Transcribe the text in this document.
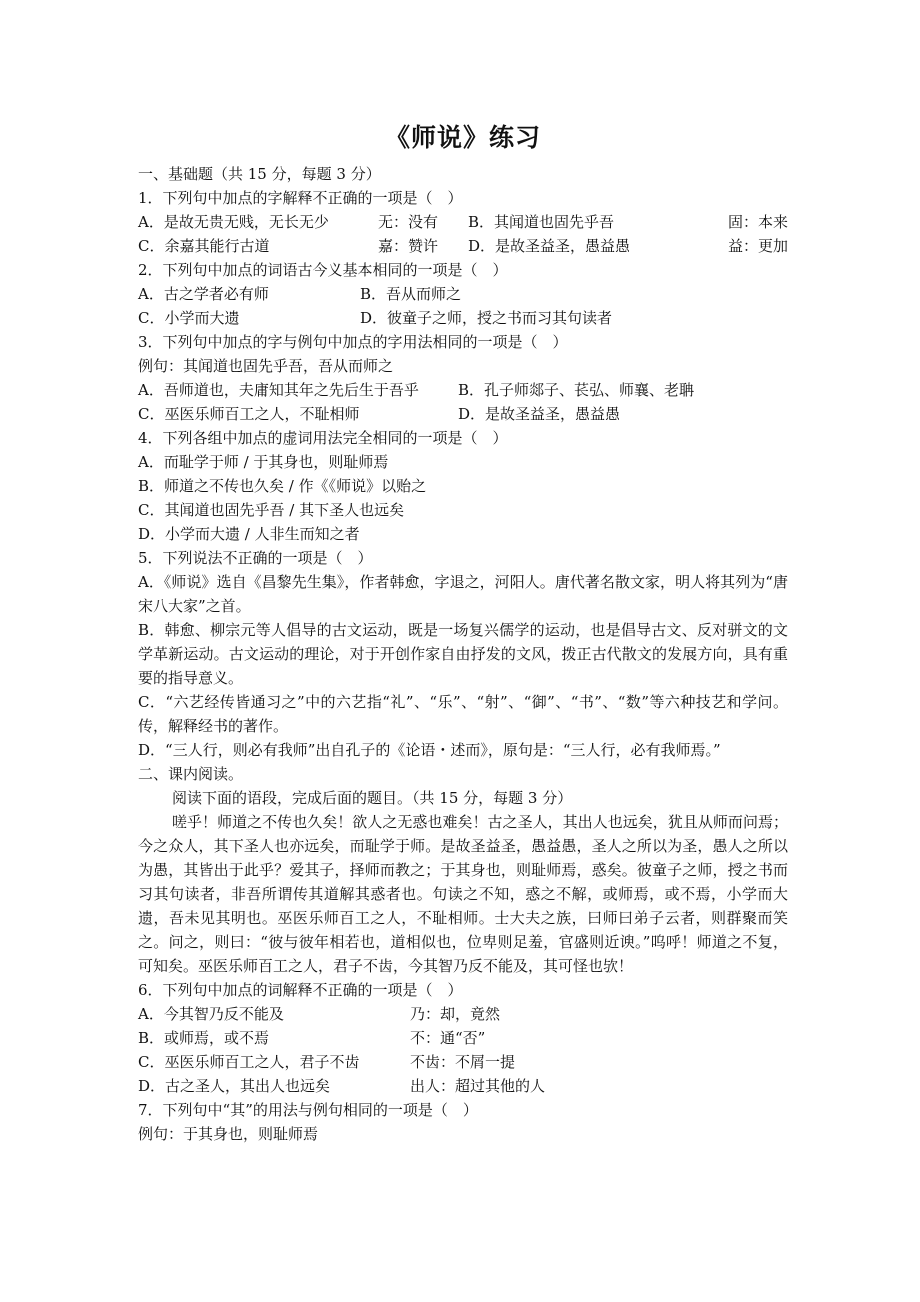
《师说》练习
一、基础题（共 15 分，每题 3 分）
1．下列句中加点的字解释不正确的一项是（　）
A．是故无贵无贱，无长无少	无：没有	B．其闻道也固先乎吾	固：本来
C．余嘉其能行古道	嘉：赞许	D．是故圣益圣，愚益愚	益：更加
2．下列句中加点的词语古今义基本相同的一项是（　）
A．古之学者必有师	B．吾从而师之
C．小学而大遗	D．彼童子之师，授之书而习其句读者
3．下列句中加点的字与例句中加点的字用法相同的一项是（　）
例句：其闻道也固先乎吾，吾从而师之
A．吾师道也，夫庸知其年之先后生于吾乎	B．孔子师郯子、苌弘、师襄、老聃
C．巫医乐师百工之人，不耻相师	D．是故圣益圣，愚益愚
4．下列各组中加点的虚词用法完全相同的一项是（　）
A．而耻学于师 / 于其身也，则耻师焉
B．师道之不传也久矣 / 作《《师说》以贻之
C．其闻道也固先乎吾 / 其下圣人也远矣
D．小学而大遗 / 人非生而知之者
5．下列说法不正确的一项是（　）
A．《师说》选自《昌黎先生集》，作者韩愈，字退之，河阳人。唐代著名散文家，明人将其列为“唐宋八大家”之首。
B．韩愈、柳宗元等人倡导的古文运动，既是一场复兴儒学的运动，也是倡导古文、反对骈文的文学革新运动。古文运动的理论，对于开创作家自由抒发的文风，拨正古代散文的发展方向，具有重要的指导意义。
C．“六艺经传皆通习之”中的六艺指“礼”、“乐”、“射”、“御”、“书”、“数”等六种技艺和学问。传，解释经书的著作。
D．“三人行，则必有我师”出自孔子的《论语・述而》，原句是：“三人行，必有我师焉。”
二、课内阅读。
阅读下面的语段，完成后面的题目。（共 15 分，每题 3 分）
嗟乎！师道之不传也久矣！欲人之无惑也难矣！古之圣人，其出人也远矣，犹且从师而问焉；今之众人，其下圣人也亦远矣，而耻学于师。是故圣益圣，愚益愚，圣人之所以为圣，愚人之所以为愚，其皆出于此乎？爱其子，择师而教之；于其身也，则耻师焉，惑矣。彼童子之师，授之书而习其句读者，非吾所谓传其道解其惑者也。句读之不知，惑之不解，或师焉，或不焉，小学而大遗，吾未见其明也。巫医乐师百工之人，不耻相师。士大夫之族，曰师曰弟子云者，则群聚而笑之。问之，则曰：“彼与彼年相若也，道相似也，位卑则足羞，官盛则近谀。”呜呼！师道之不复，可知矣。巫医乐师百工之人，君子不齿，今其智乃反不能及，其可怪也欤！
6．下列句中加点的词解释不正确的一项是（　）
A．今其智乃反不能及	乃：却，竟然
B．或师焉，或不焉	不：通“否”
C．巫医乐师百工之人，君子不齿	不齿：不屑一提
D．古之圣人，其出人也远矣	出人：超过其他的人
7．下列句中“其”的用法与例句相同的一项是（　）
例句：于其身也，则耻师焉
